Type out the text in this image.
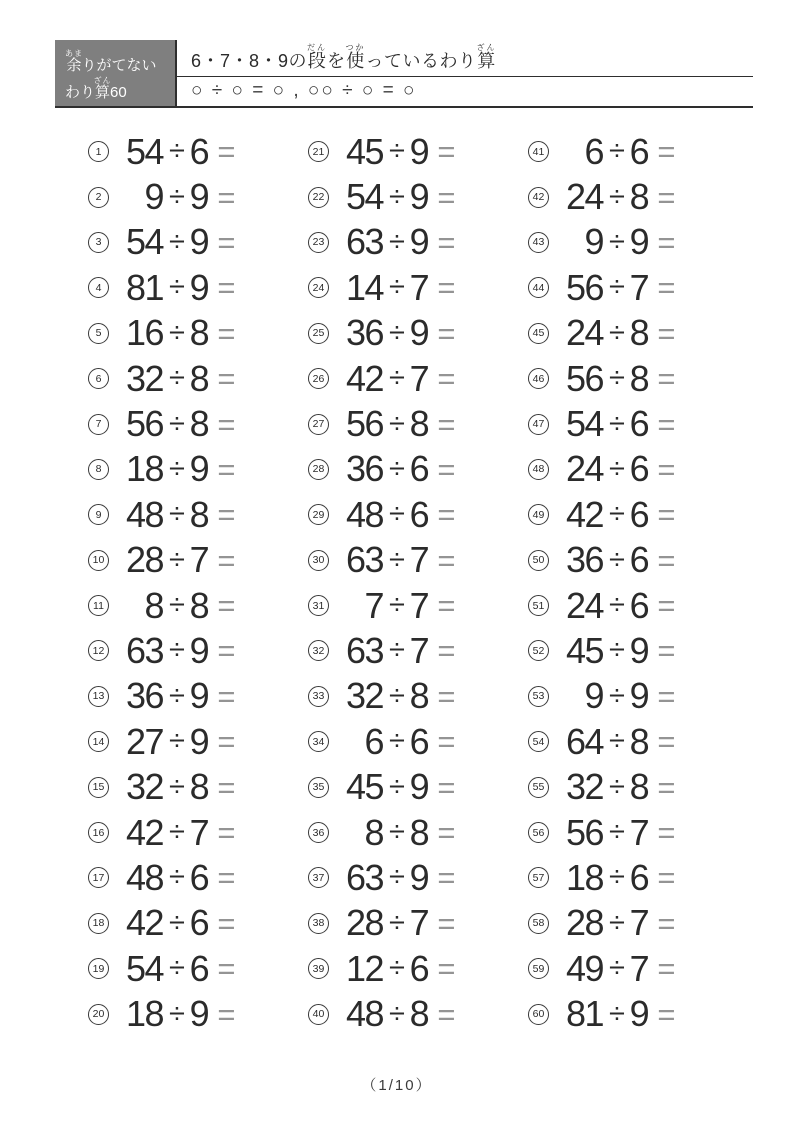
余あまりがてない
わり算ざん60
6・7・8・9の 段だん
を 使つか
っているわり 算ざん
○ ÷ ○ = ○ , ○○ ÷ ○ = ○
1 54 ÷ 6 =
2	9 ÷ 9 =
3 54 ÷ 9 =
4 81 ÷ 9 =
5 16 ÷ 8 =
6 32 ÷ 8 =
7 56 ÷ 8 =
8 18 ÷ 9 =
9 48 ÷ 8 =
10 28 ÷ 7 =
11	8 ÷ 8 =
12 63 ÷ 9 =
13 36 ÷ 9 =
14 27 ÷ 9 =
15 32 ÷ 8 =
16 42 ÷ 7 =
17 48 ÷ 6 =
18 42 ÷ 6 =
19 54 ÷ 6 =
20 18 ÷ 9 =
21 45 ÷ 9 =
22 54 ÷ 9 =
23 63 ÷ 9 =
24 14 ÷ 7 =
25 36 ÷ 9 =
26 42 ÷ 7 =
27 56 ÷ 8 =
28 36 ÷ 6 =
29 48 ÷ 6 =
30 63 ÷ 7 =
31	7 ÷ 7 =
32 63 ÷ 7 =
33 32 ÷ 8 =
34	6 ÷ 6 =
35 45 ÷ 9 =
36	8 ÷ 8 =
37 63 ÷ 9 =
38 28 ÷ 7 =
39 12 ÷ 6 =
40 48 ÷ 8 =
41	6 ÷ 6 =
42 24 ÷ 8 =
43	9 ÷ 9 =
44 56 ÷ 7 =
45 24 ÷ 8 =
46 56 ÷ 8 =
47 54 ÷ 6 =
48 24 ÷ 6 =
49 42 ÷ 6 =
50 36 ÷ 6 =
51 24 ÷ 6 =
52 45 ÷ 9 =
53	9 ÷ 9 =
54 64 ÷ 8 =
55 32 ÷ 8 =
56 56 ÷ 7 =
57 18 ÷ 6 =
58 28 ÷ 7 =
59 49 ÷ 7 =
60 81 ÷ 9 =
（1/10）
